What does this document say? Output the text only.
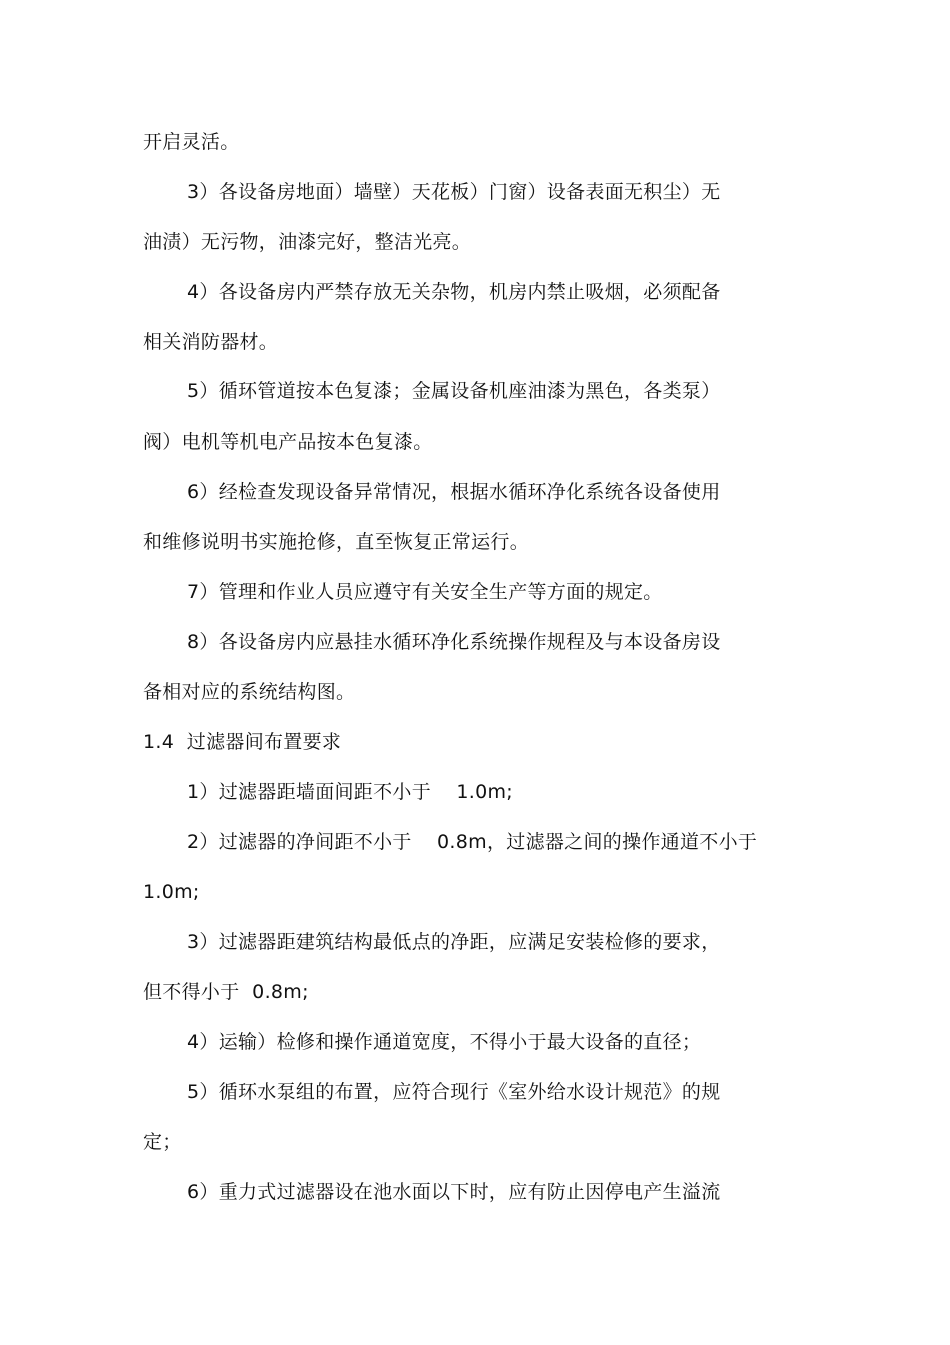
开启灵活。
3）各设备房地面）墙壁）天花板）门窗）设备表面无积尘）无
油渍）无污物，油漆完好，整洁光亮。
4）各设备房内严禁存放无关杂物，机房内禁止吸烟，必须配备
相关消防器材。
5）循环管道按本色复漆；金属设备机座油漆为黑色，各类泵）
阀）电机等机电产品按本色复漆。
6）经检查发现设备异常情况，根据水循环净化系统各设备使用
和维修说明书实施抢修，直至恢复正常运行。
7）管理和作业人员应遵守有关安全生产等方面的规定。
8）各设备房内应悬挂水循环净化系统操作规程及与本设备房设
备相对应的系统结构图。
1.4  过滤器间布置要求
1）过滤器距墙面间距不小于    1.0m;
2）过滤器的净间距不小于    0.8m，过滤器之间的操作通道不小于
1.0m;
3）过滤器距建筑结构最低点的净距，应满足安装检修的要求，
但不得小于  0.8m;
4）运输）检修和操作通道宽度，不得小于最大设备的直径；
5）循环水泵组的布置，应符合现行《室外给水设计规范》的规
定；
6）重力式过滤器设在池水面以下时，应有防止因停电产生溢流
